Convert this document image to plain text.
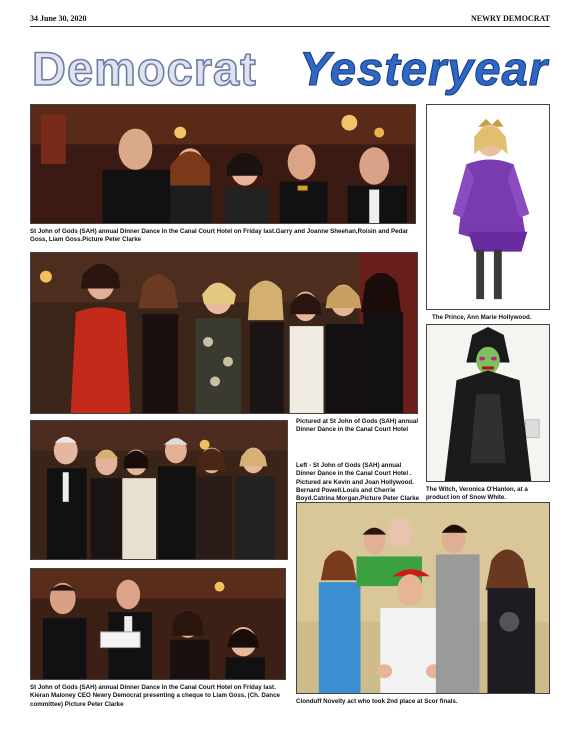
34 June 30, 2020	NEWRY DEMOCRAT
Democrat Yesteryear
St John of Gods (SAH) annual Dinner Dance in the Canal Court Hotel on Friday last.Garry and Joanne Sheehan,Roisin and Pedar Goss, Liam Goss.Picture Peter Clarke
The Prince, Ann Marie Hollywood.
Pictured at St John of Gods (SAH) annual Dinner Dance in the Canal Court Hotel
The Witch, Veronica O'Hanlon, at a product ion of Snow White.
Left - St John of Gods (SAH) annual Dinner Dance in the Canal Court Hotel . Pictured are Kevin and Joan Hollywood. Bernard Powell.Louis and Cherrie Boyd.Catrina Morgan.Picture Peter Clarke
St John of Gods (SAH) annual Dinner Dance in the Canal Court Hotel on Friday last. Kieran Maloney CEO Newry Democrat presenting a cheque to Liam Goss, (Ch. Dance committee) Picture Peter Clarke	Clonduff Novelty act who took 2nd place at Scor finals.
